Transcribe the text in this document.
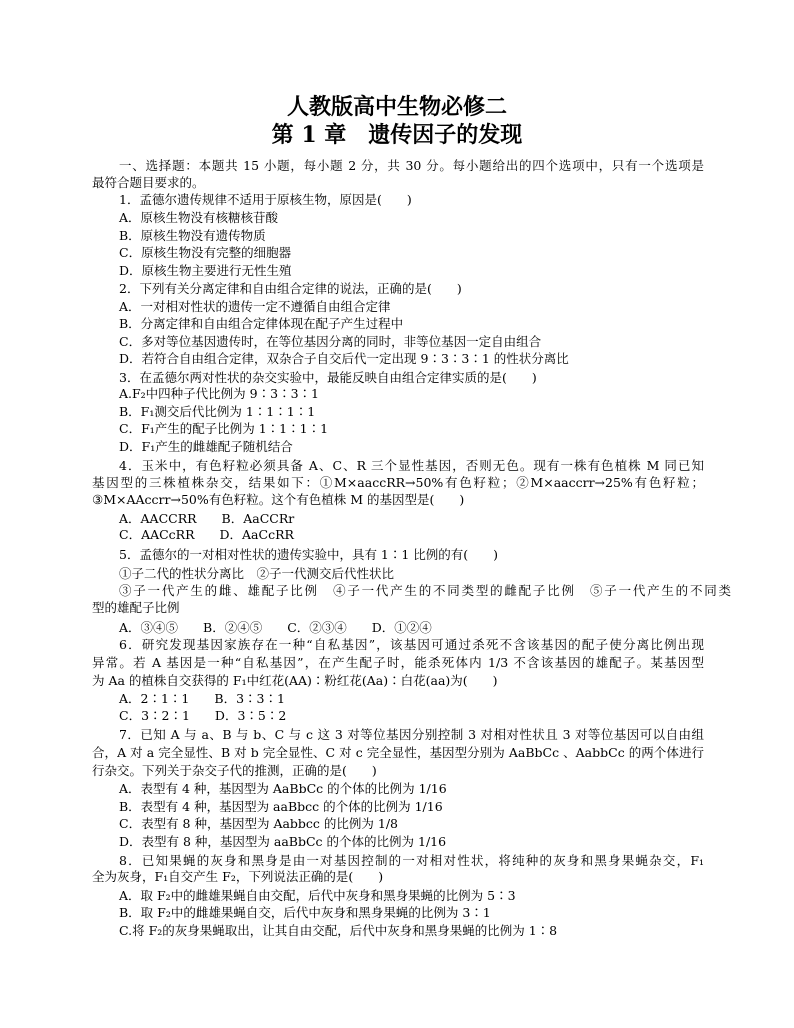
人教版高中生物必修二
第 1 章　遗传因子的发现
一、选择题：本题共 15 小题，每小题 2 分，共 30 分。每小题给出的四个选项中，只有一个选项是
最符合题目要求的。
1．孟德尔遗传规律不适用于原核生物，原因是(　　)
A．原核生物没有核糖核苷酸
B．原核生物没有遗传物质
C．原核生物没有完整的细胞器
D．原核生物主要进行无性生殖
2．下列有关分离定律和自由组合定律的说法，正确的是(　　)
A．一对相对性状的遗传一定不遵循自由组合定律
B．分离定律和自由组合定律体现在配子产生过程中
C．多对等位基因遗传时，在等位基因分离的同时，非等位基因一定自由组合
D．若符合自由组合定律，双杂合子自交后代一定出现 9∶3∶3∶1 的性状分离比
3．在孟德尔两对性状的杂交实验中，最能反映自由组合定律实质的是(　　)
A.F₂中四种子代比例为 9∶3∶3∶1
B．F₁测交后代比例为 1∶1∶1∶1
C．F₁产生的配子比例为 1∶1∶1∶1
D．F₁产生的雌雄配子随机结合
4．玉米中，有色籽粒必须具备 A、C、R 三个显性基因，否则无色。现有一株有色植株 M 同已知
基因型的三株植株杂交，结果如下：①M×aaccRR→50%有色籽粒；②M×aaccrr→25%有色籽粒；
③M×AAccrr→50%有色籽粒。这个有色植株 M 的基因型是(　　)
A．AACCRR　　B．AaCCRr
C．AACcRR　　D．AaCcRR
5．孟德尔的一对相对性状的遗传实验中，具有 1∶1 比例的有(　　)
①子二代的性状分离比　②子一代测交后代性状比
③子一代产生的雌、雄配子比例　④子一代产生的不同类型的雌配子比例　⑤子一代产生的不同类
型的雄配子比例
A．③④⑤　　B．②④⑤　　C．②③④　　D．①②④
6．研究发现基因家族存在一种“自私基因”，该基因可通过杀死不含该基因的配子使分离比例出现
异常。若 A 基因是一种“自私基因”，在产生配子时，能杀死体内 1/3 不含该基因的雄配子。某基因型
为 Aa 的植株自交获得的 F₁中红花(AA)∶粉红花(Aa)∶白花(aa)为(　　)
A．2∶1∶1　　B．3∶3∶1
C．3∶2∶1　　D．3∶5∶2
7．已知 A 与 a、B 与 b、C 与 c 这 3 对等位基因分别控制 3 对相对性状且 3 对等位基因可以自由组
合，A 对 a 完全显性、B 对 b 完全显性、C 对 c 完全显性，基因型分别为 AaBbCc 、AabbCc 的两个体进行
行杂交。下列关于杂交子代的推测，正确的是(　　)
A．表型有 4 种，基因型为 AaBbCc 的个体的比例为 1/16
B．表型有 4 种，基因型为 aaBbcc 的个体的比例为 1/16
C．表型有 8 种，基因型为 Aabbcc 的比例为 1/8
D．表型有 8 种，基因型为 aaBbCc 的个体的比例为 1/16
8．已知果蝇的灰身和黑身是由一对基因控制的一对相对性状，将纯种的灰身和黑身果蝇杂交，F₁
全为灰身，F₁自交产生 F₂，下列说法正确的是(　　)
A．取 F₂中的雌雄果蝇自由交配，后代中灰身和黑身果蝇的比例为 5∶3
B．取 F₂中的雌雄果蝇自交，后代中灰身和黑身果蝇的比例为 3∶1
C.将 F₂的灰身果蝇取出，让其自由交配，后代中灰身和黑身果蝇的比例为 1∶8
